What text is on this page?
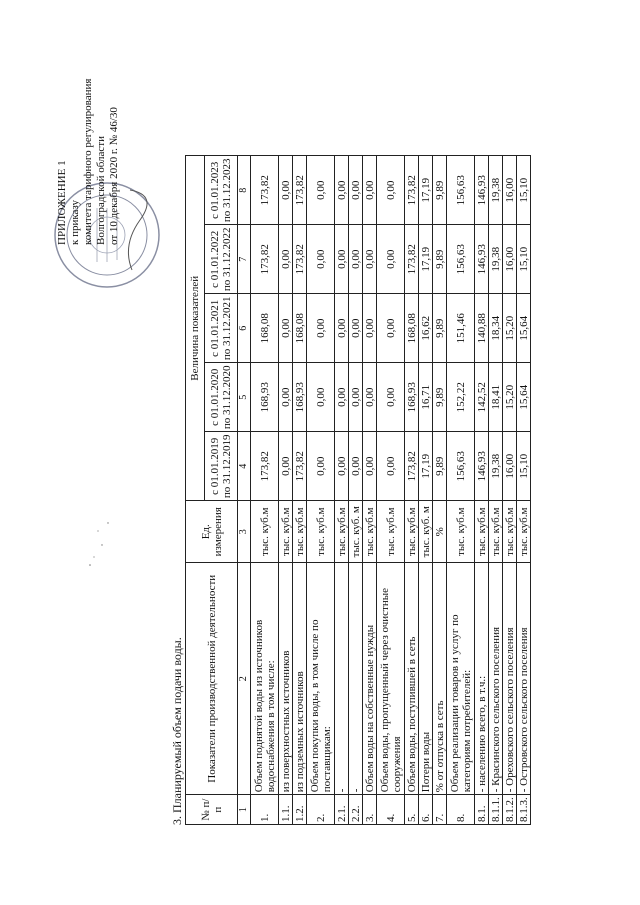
ПРИЛОЖЕНИЕ 1 к приказу комитета тарифного регулирования Волгоградской области от 10 декабря 2020 г. № 46/30
3. Планируемый объем подачи воды. № п/п	Показатели производственной деятельности	Ед. измерения	Величина показателей				
			с 01.01.2019 по 31.12.2019	с 01.01.2020 по 31.12.2020	с 01.01.2021 по 31.12.2021	с 01.01.2022 по 31.12.2022	с 01.01.2023 по 31.12.2023
1	2	3	4	5	6	7	8
1.	Объем поднятой воды из источников водоснабжения в том числе:	тыс. куб.м	173,82	168,93	168,08	173,82	173,82
1.1.	из поверхностных источников	тыс. куб.м	0,00	0,00	0,00	0,00	0,00
1.2.	из подземных источников	тыс. куб.м	173,82	168,93	168,08	173,82	173,82
2.	Объем покупки воды, в том числе по поставщикам:	тыс. куб.м	0,00	0,00	0,00	0,00	0,00
2.1.	-	тыс. куб.м	0,00	0,00	0,00	0,00	0,00
2.2.	-	тыс. куб. м	0,00	0,00	0,00	0,00	0,00
3.	Объем воды на собственные нужды	тыс. куб.м	0,00	0,00	0,00	0,00	0,00
4.	Объем воды, пропущенный через очистные сооружения	тыс. куб.м	0,00	0,00	0,00	0,00	0,00
5.	Объем воды, поступившей в сеть	тыс. куб.м	173,82	168,93	168,08	173,82	173,82
6.	Потери воды	тыс. куб. м	17,19	16,71	16,62	17,19	17,19
7.	% от отпуска в сеть	%	9,89	9,89	9,89	9,89	9,89
8.	Объем реализации товаров и услуг по категориям потребителей:	тыс. куб.м	156,63	152,22	151,46	156,63	156,63
8.1.	- населению всего, в т.ч.:	тыс. куб.м	146,93	142,52	140,88	146,93	146,93
8.1.1.	- Красинского сельского поселения	тыс. куб.м	19,38	18,41	18,34	19,38	19,38
8.1.2.	- Ореховского сельского поселения	тыс. куб.м	16,00	15,20	15,20	16,00	16,00
8.1.3.	- Островского сельского поселения	тыс. куб.м	15,10	15,64	15,64	15,10	15,10
